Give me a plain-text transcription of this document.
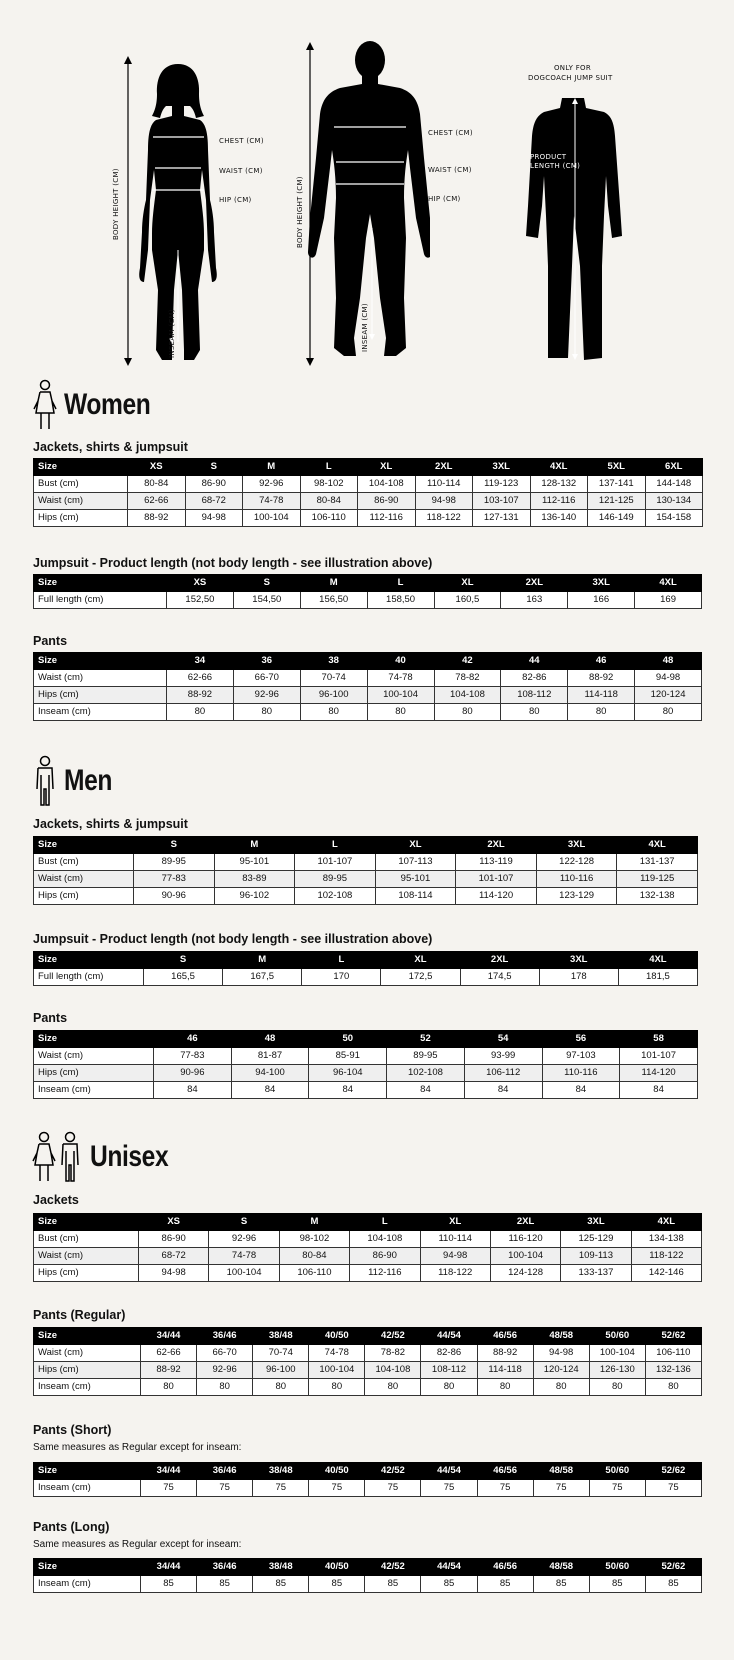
BODY HEIGHT (CM)
CHEST (CM)
WAIST (CM)
HIP (CM)
INSEAM (CM)
BODY HEIGHT (CM)
CHEST (CM)
WAIST (CM)
HIP (CM)
INSEAM (CM)
ONLY FOR
DOGCOACH JUMP SUIT
PRODUCT
LENGTH (CM)
Women
Jackets, shirts & jumpsuit
Size	XS	S	M	L	XL	2XL	3XL	4XL	5XL	6XL
Bust (cm)	80-84	86-90	92-96	98-102	104-108	110-114	119-123	128-132	137-141	144-148
Waist (cm)	62-66	68-72	74-78	80-84	86-90	94-98	103-107	112-116	121-125	130-134
Hips (cm)	88-92	94-98	100-104	106-110	112-116	118-122	127-131	136-140	146-149	154-158
Jumpsuit - Product length (not body length - see illustration above)
Size	XS	S	M	L	XL	2XL	3XL	4XL
Full length (cm)	152,50	154,50	156,50	158,50	160,5	163	166	169
Pants
Size	34	36	38	40	42	44	46	48
Waist (cm)	62-66	66-70	70-74	74-78	78-82	82-86	88-92	94-98
Hips (cm)	88-92	92-96	96-100	100-104	104-108	108-112	114-118	120-124
Inseam (cm)	80	80	80	80	80	80	80	80
Men
Jackets, shirts & jumpsuit
Size	S	M	L	XL	2XL	3XL	4XL
Bust (cm)	89-95	95-101	101-107	107-113	113-119	122-128	131-137
Waist (cm)	77-83	83-89	89-95	95-101	101-107	110-116	119-125
Hips (cm)	90-96	96-102	102-108	108-114	114-120	123-129	132-138
Jumpsuit - Product length (not body length - see illustration above)
Size	S	M	L	XL	2XL	3XL	4XL
Full length (cm)	165,5	167,5	170	172,5	174,5	178	181,5
Pants
Size	46	48	50	52	54	56	58
Waist (cm)	77-83	81-87	85-91	89-95	93-99	97-103	101-107
Hips (cm)	90-96	94-100	96-104	102-108	106-112	110-116	114-120
Inseam (cm)	84	84	84	84	84	84	84
Unisex
Jackets
Size	XS	S	M	L	XL	2XL	3XL	4XL
Bust (cm)	86-90	92-96	98-102	104-108	110-114	116-120	125-129	134-138
Waist (cm)	68-72	74-78	80-84	86-90	94-98	100-104	109-113	118-122
Hips (cm)	94-98	100-104	106-110	112-116	118-122	124-128	133-137	142-146
Pants (Regular)
Size	34/44	36/46	38/48	40/50	42/52	44/54	46/56	48/58	50/60	52/62
Waist (cm)	62-66	66-70	70-74	74-78	78-82	82-86	88-92	94-98	100-104	106-110
Hips (cm)	88-92	92-96	96-100	100-104	104-108	108-112	114-118	120-124	126-130	132-136
Inseam (cm)	80	80	80	80	80	80	80	80	80	80
Pants (Short)
Same measures as Regular except for inseam:
Size	34/44	36/46	38/48	40/50	42/52	44/54	46/56	48/58	50/60	52/62
Inseam (cm)	75	75	75	75	75	75	75	75	75	75
Pants (Long)
Same measures as Regular except for inseam:
Size	34/44	36/46	38/48	40/50	42/52	44/54	46/56	48/58	50/60	52/62
Inseam (cm)	85	85	85	85	85	85	85	85	85	85
